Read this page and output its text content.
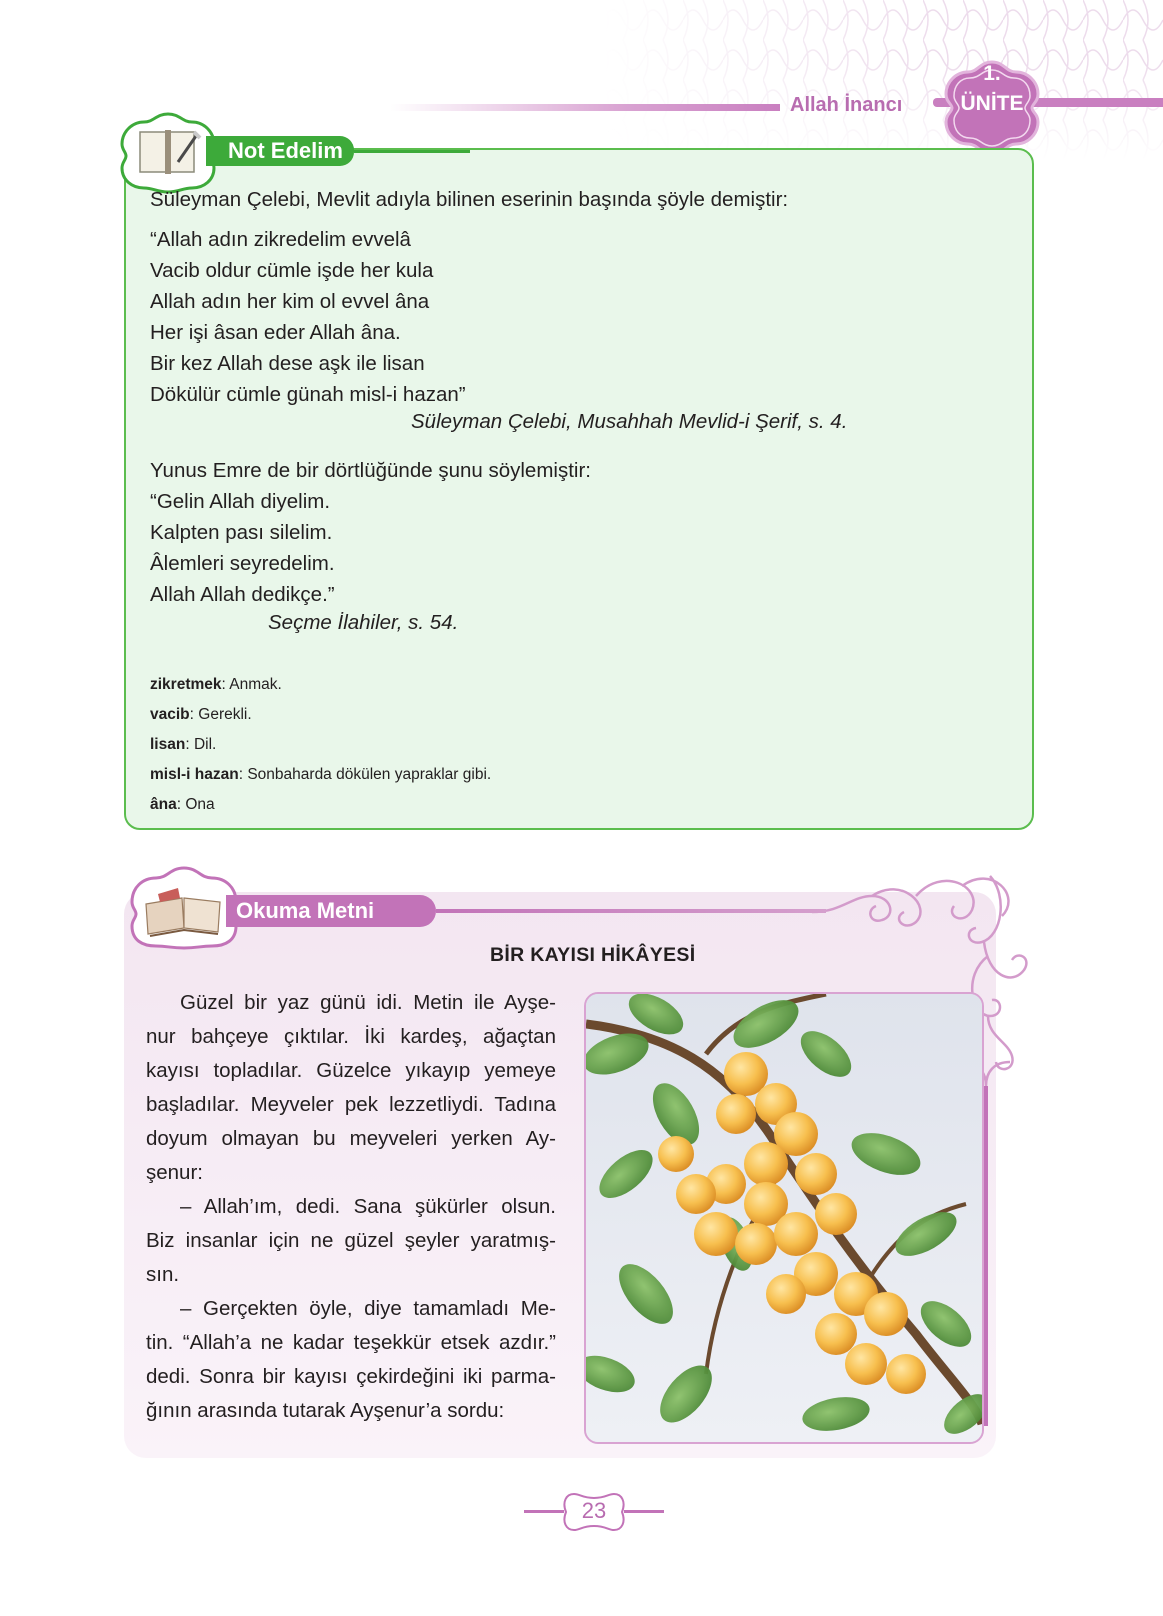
Allah İnancı
1.
ÜNİTE
Not Edelim
Süleyman Çelebi, Mevlit adıyla bilinen eserinin başında şöyle demiştir:
“Allah adın zikredelim evvelâ
Vacib oldur cümle işde her kula
Allah adın her kim ol evvel âna
Her işi âsan eder Allah âna.
Bir kez Allah dese aşk ile lisan
Dökülür cümle günah misl-i hazan”
Süleyman Çelebi, Musahhah Mevlid-i Şerif, s. 4.
Yunus Emre de bir dörtlüğünde şunu söylemiştir:
“Gelin Allah diyelim.
Kalpten pası silelim.
Âlemleri seyredelim.
Allah Allah dedikçe.”
Seçme İlahiler, s. 54.
zikretmek: Anmak.
vacib: Gerekli.
lisan: Dil.
misl-i hazan: Sonbaharda dökülen yapraklar gibi.
âna: Ona
Okuma Metni
BİR KAYISI HİKÂYESİ
Güzel bir yaz günü idi. Metin ile Ayşe-
nur bahçeye çıktılar. İki kardeş, ağaçtan
kayısı topladılar. Güzelce yıkayıp yemeye
başladılar. Meyveler pek lezzetliydi. Tadına
doyum olmayan bu meyveleri yerken Ay-
şenur:
– Allah’ım, dedi. Sana şükürler olsun.
Biz insanlar için ne güzel şeyler yaratmış-
sın.
– Gerçekten öyle, diye tamamladı Me-
tin. “Allah’a ne kadar teşekkür etsek azdır.”
dedi. Sonra bir kayısı çekirdeğini iki parma-
ğının arasında tutarak Ayşenur’a sordu:
23
